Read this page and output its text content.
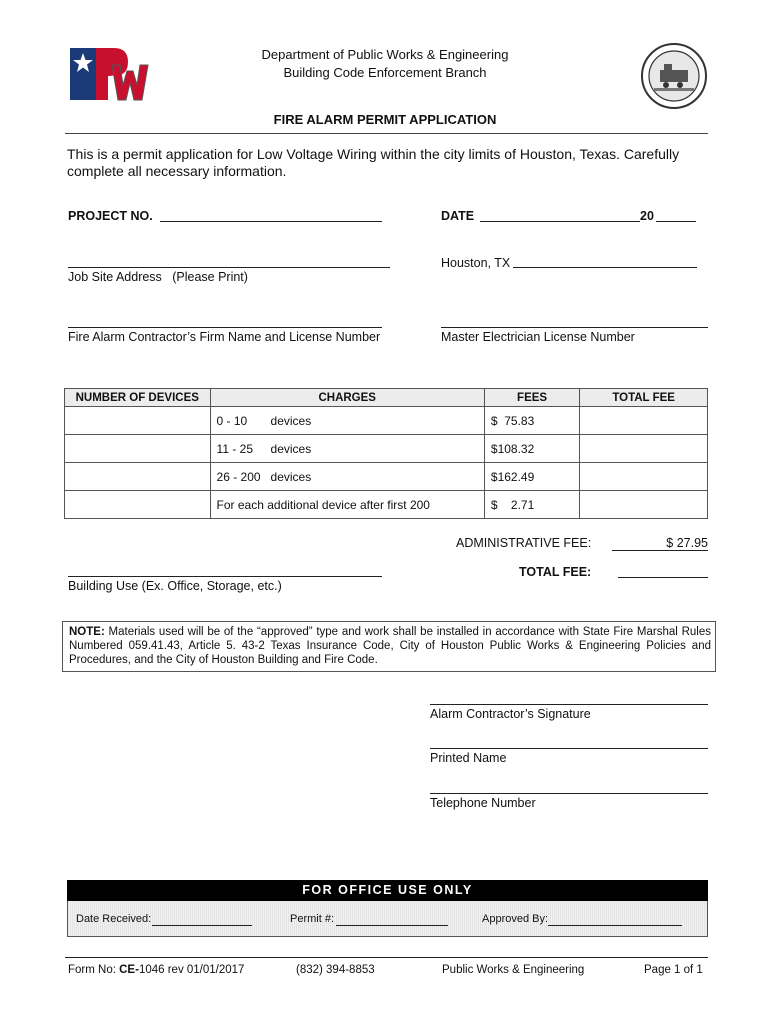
Department of Public Works & Engineering
Building Code Enforcement Branch
FIRE ALARM PERMIT APPLICATION
This is a permit application for Low Voltage Wiring within the city limits of Houston, Texas. Carefully complete all necessary information.
PROJECT NO.	DATE	20
Job Site Address   (Please Print)
Houston, TX
Fire Alarm Contractor’s Firm Name and License Number	Master Electrician License Number
NUMBER OF DEVICES	CHARGES	FEES	TOTAL FEE
	0 - 10 devices	$  75.83	
	11 - 25 devices	$108.32	
	26 - 200 devices	$162.49	
	For each additional device after first 200	$    2.71	
ADMINISTRATIVE FEE:	$ 27.95
TOTAL FEE:
Building Use (Ex. Office, Storage, etc.)
NOTE: Materials used will be of the “approved” type and work shall be installed in accordance with State Fire Marshal Rules Numbered 059.41.43, Article 5. 43-2 Texas Insurance Code, City of Houston Public Works & Engineering Policies and Procedures, and the City of Houston Building and Fire Code.
Alarm Contractor’s Signature
Printed Name
Telephone Number
FOR OFFICE USE ONLY
Date Received:	Permit #:	Approved By:
Form No: CE-1046 rev 01/01/2017	(832) 394-8853	Public Works & Engineering	Page 1 of 1
